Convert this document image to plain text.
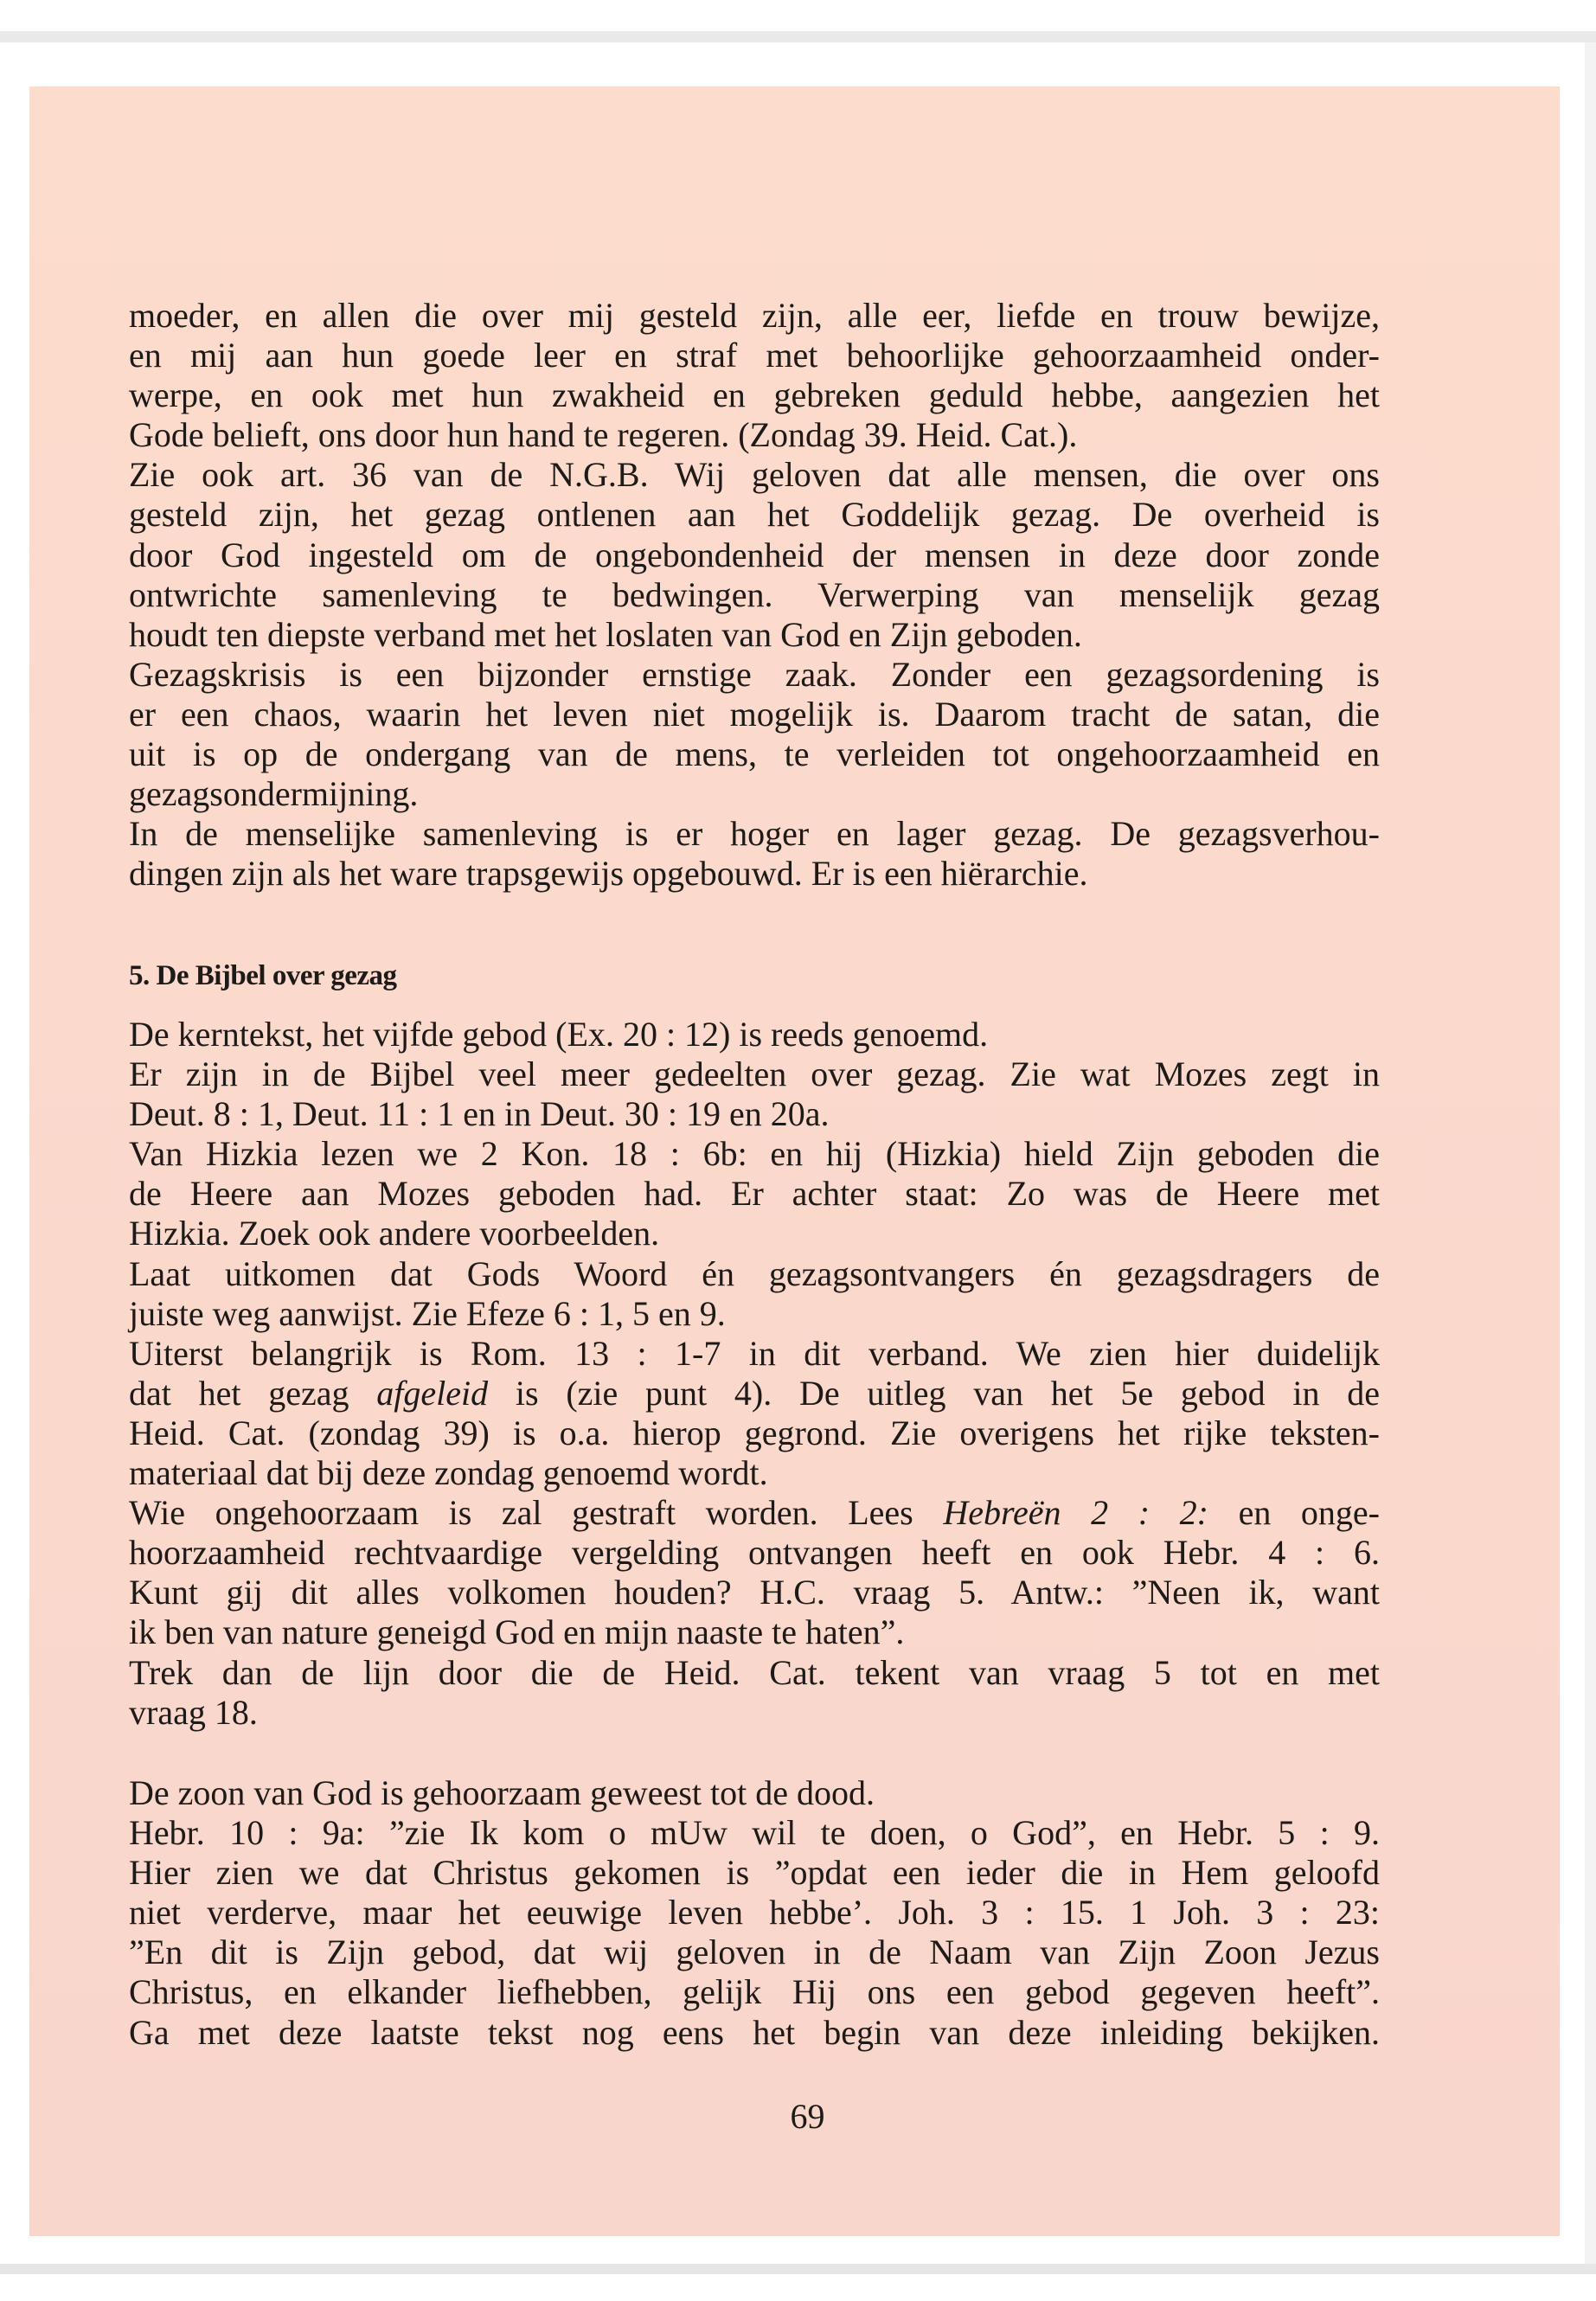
moeder, en allen die over mij gesteld zijn, alle eer, liefde en trouw bewijze,
en mij aan hun goede leer en straf met behoorlijke gehoorzaamheid onder-
werpe, en ook met hun zwakheid en gebreken geduld hebbe, aangezien het
Gode belieft, ons door hun hand te regeren. (Zondag 39. Heid. Cat.).
Zie ook art. 36 van de N.G.B. Wij geloven dat alle mensen, die over ons
gesteld zijn, het gezag ontlenen aan het Goddelijk gezag. De overheid is
door God ingesteld om de ongebondenheid der mensen in deze door zonde
ontwrichte samenleving te bedwingen. Verwerping van menselijk gezag
houdt ten diepste verband met het loslaten van God en Zijn geboden.
Gezagskrisis is een bijzonder ernstige zaak. Zonder een gezagsordening is
er een chaos, waarin het leven niet mogelijk is. Daarom tracht de satan, die
uit is op de ondergang van de mens, te verleiden tot ongehoorzaamheid en
gezagsondermijning.
In de menselijke samenleving is er hoger en lager gezag. De gezagsverhou-
dingen zijn als het ware trapsgewijs opgebouwd. Er is een hiërarchie.
5. De Bijbel over gezag
De kerntekst, het vijfde gebod (Ex. 20 : 12) is reeds genoemd.
Er zijn in de Bijbel veel meer gedeelten over gezag. Zie wat Mozes zegt in
Deut. 8 : 1, Deut. 11 : 1 en in Deut. 30 : 19 en 20a.
Van Hizkia lezen we 2 Kon. 18 : 6b: en hij (Hizkia) hield Zijn geboden die
de Heere aan Mozes geboden had. Er achter staat: Zo was de Heere met
Hizkia. Zoek ook andere voorbeelden.
Laat uitkomen dat Gods Woord én gezagsontvangers én gezagsdragers de
juiste weg aanwijst. Zie Efeze 6 : 1, 5 en 9.
Uiterst belangrijk is Rom. 13 : 1-7 in dit verband. We zien hier duidelijk
dat het gezag afgeleid is (zie punt 4). De uitleg van het 5e gebod in de
Heid. Cat. (zondag 39) is o.a. hierop gegrond. Zie overigens het rijke teksten-
materiaal dat bij deze zondag genoemd wordt.
Wie ongehoorzaam is zal gestraft worden. Lees Hebreën 2 : 2: en onge-
hoorzaamheid rechtvaardige vergelding ontvangen heeft en ook Hebr. 4 : 6.
Kunt gij dit alles volkomen houden? H.C. vraag 5. Antw.: ”Neen ik, want
ik ben van nature geneigd God en mijn naaste te haten”.
Trek dan de lijn door die de Heid. Cat. tekent van vraag 5 tot en met
vraag 18.
De zoon van God is gehoorzaam geweest tot de dood.
Hebr. 10 : 9a: ”zie Ik kom o mUw wil te doen, o God”, en Hebr. 5 : 9.
Hier zien we dat Christus gekomen is ”opdat een ieder die in Hem geloofd
niet verderve, maar het eeuwige leven hebbe’. Joh. 3 : 15. 1 Joh. 3 : 23:
”En dit is Zijn gebod, dat wij geloven in de Naam van Zijn Zoon Jezus
Christus, en elkander liefhebben, gelijk Hij ons een gebod gegeven heeft”.
Ga met deze laatste tekst nog eens het begin van deze inleiding bekijken.
69
